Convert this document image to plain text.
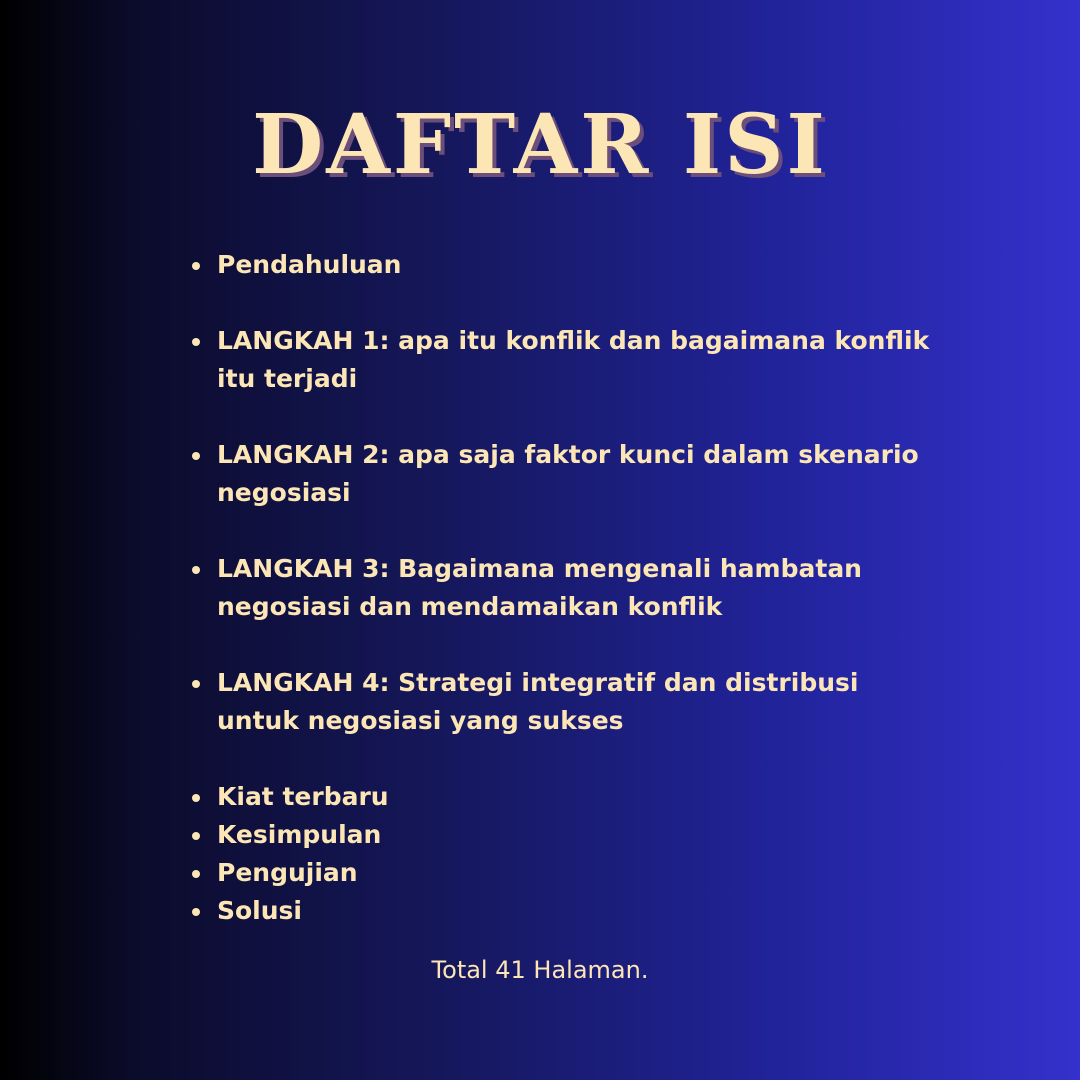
DAFTAR ISI
Pendahuluan
LANGKAH 1: apa itu konflik dan bagaimana konflik itu terjadi
LANGKAH 2: apa saja faktor kunci dalam skenario negosiasi
LANGKAH 3: Bagaimana mengenali hambatan negosiasi dan mendamaikan konflik
LANGKAH 4: Strategi integratif dan distribusi untuk negosiasi yang sukses
Kiat terbaru
Kesimpulan
Pengujian
Solusi
Total 41 Halaman.
